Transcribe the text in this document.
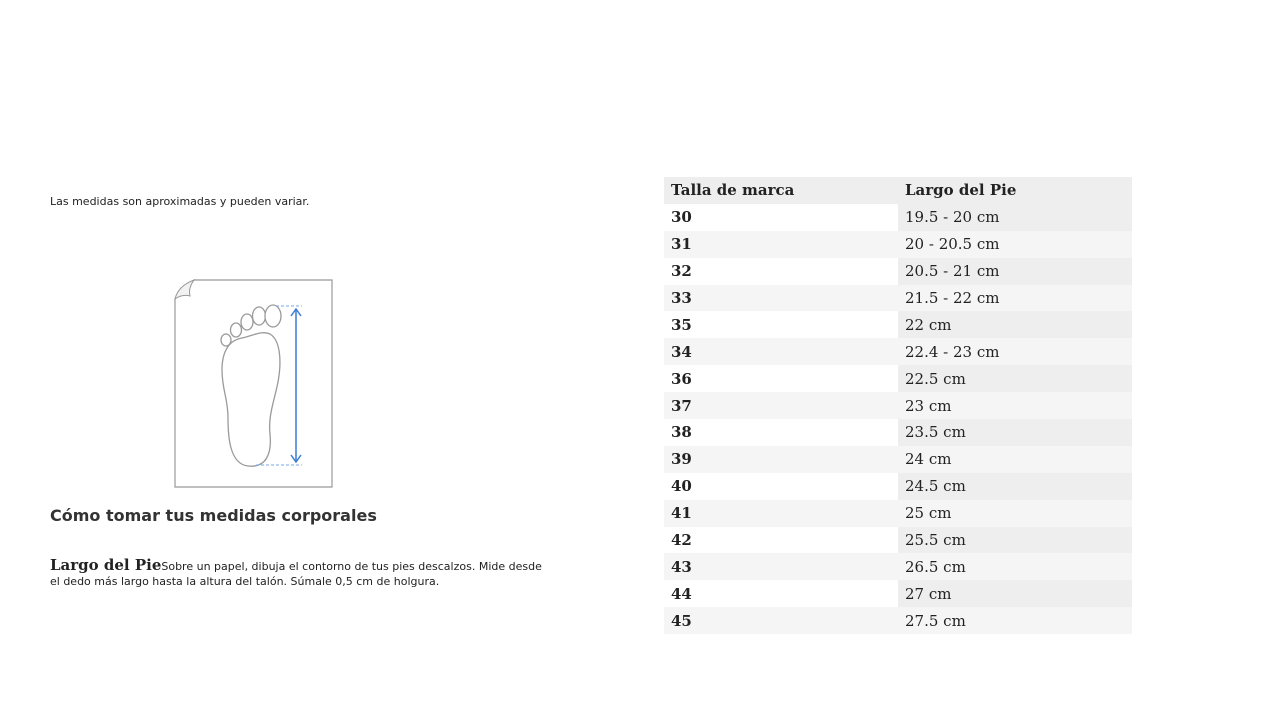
Las medidas son aproximadas y pueden variar.
Cómo tomar tus medidas corporales
Largo del PieSobre un papel, dibuja el contorno de tus pies descalzos. Mide desde el dedo más largo hasta la altura del talón. Súmale 0,5 cm de holgura.
Talla de marca	Largo del Pie
30	19.5 - 20 cm
31	20 - 20.5 cm
32	20.5 - 21 cm
33	21.5 - 22 cm
35	22 cm
34	22.4 - 23 cm
36	22.5 cm
37	23 cm
38	23.5 cm
39	24 cm
40	24.5 cm
41	25 cm
42	25.5 cm
43	26.5 cm
44	27 cm
45	27.5 cm
